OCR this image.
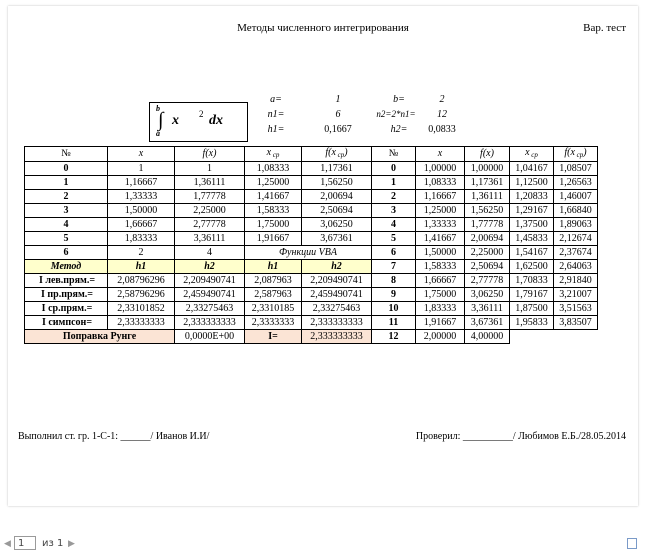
Методы численного интегрирования	Вар. тест
b
∫
a
x 2 dx
a=	1	b=	2
n1=	6	n2=2*n1=	12
h1=	0,1667	h2=	0,0833
№	x	f(x)	x $_{ср}$	f(x $_{ср}$)	№	x	f(x)	x $_{ср}$	f(x $_{ср}$)
0	1	1	1,08333	1,17361	0	1,00000	1,00000	1,04167	1,08507
1	1,16667	1,36111	1,25000	1,56250	1	1,08333	1,17361	1,12500	1,26563
2	1,33333	1,77778	1,41667	2,00694	2	1,16667	1,36111	1,20833	1,46007
3	1,50000	2,25000	1,58333	2,50694	3	1,25000	1,56250	1,29167	1,66840
4	1,66667	2,77778	1,75000	3,06250	4	1,33333	1,77778	1,37500	1,89063
5	1,83333	3,36111	1,91667	3,67361	5	1,41667	2,00694	1,45833	2,12674
6	2	4	Функции VBA		6	1,50000	2,25000	1,54167	2,37674
Метод	h1	h2	h1	h2	7	1,58333	2,50694	1,62500	2,64063
I лев.прям.=	2,08796296	2,209490741	2,087963	2,209490741	8	1,66667	2,77778	1,70833	2,91840
I пр.прям.=	2,58796296	2,459490741	2,587963	2,459490741	9	1,75000	3,06250	1,79167	3,21007
I ср.прям.=	2,33101852	2,33275463	2,3310185	2,33275463	10	1,83333	3,36111	1,87500	3,51563
I симпсон=	2,33333333	2,333333333	2,3333333	2,333333333	11	1,91667	3,67361	1,95833	3,83507
Поправка Рунге		0,0000E+00	I=	2,333333333	12	2,00000	4,00000		
Выполнил ст. гр. 1-С-1: ______/ Иванов И.И/	Проверил: __________/ Любимов Е.Б./28.05.2014
◀ 1	из 1 ▶
